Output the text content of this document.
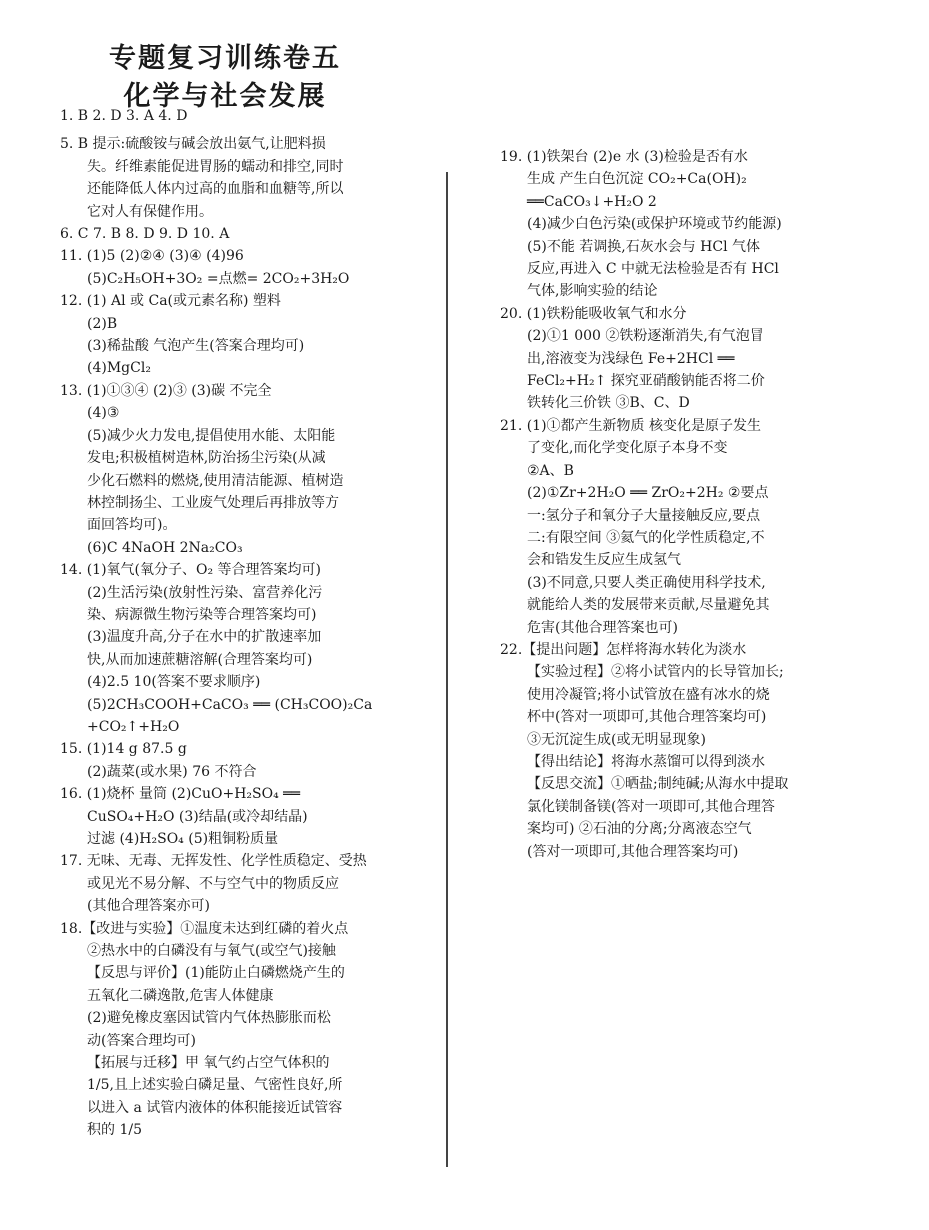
专题复习训练卷五
化学与社会发展
1. B 2. D 3. A 4. D
5. B 提示:硫酸铵与碱会放出氨气,让肥料损
失。纤维素能促进胃肠的蠕动和排空,同时
还能降低人体内过高的血脂和血糖等,所以
它对人有保健作用。
6. C 7. B 8. D 9. D 10. A
11. (1)5 (2)②④ (3)④ (4)96
(5)C₂H₅OH+3O₂ =点燃= 2CO₂+3H₂O
12. (1) Al 或 Ca(或元素名称) 塑料
(2)B
(3)稀盐酸 气泡产生(答案合理均可)
(4)MgCl₂
13. (1)①③④ (2)③ (3)碳 不完全
(4)③
(5)减少火力发电,提倡使用水能、太阳能
发电;积极植树造林,防治扬尘污染(从减
少化石燃料的燃烧,使用清洁能源、植树造
林控制扬尘、工业废气处理后再排放等方
面回答均可)。
(6)C 4NaOH 2Na₂CO₃
14. (1)氧气(氧分子、O₂ 等合理答案均可)
(2)生活污染(放射性污染、富营养化污
染、病源微生物污染等合理答案均可)
(3)温度升高,分子在水中的扩散速率加
快,从而加速蔗糖溶解(合理答案均可)
(4)2.5 10(答案不要求顺序)
(5)2CH₃COOH+CaCO₃ ══ (CH₃COO)₂Ca
+CO₂↑+H₂O
15. (1)14 g 87.5 g
(2)蔬菜(或水果) 76 不符合
16. (1)烧杯 量筒 (2)CuO+H₂SO₄ ══
CuSO₄+H₂O (3)结晶(或冷却结晶)
过滤 (4)H₂SO₄ (5)粗铜粉质量
17. 无味、无毒、无挥发性、化学性质稳定、受热
或见光不易分解、不与空气中的物质反应
(其他合理答案亦可)
18.【改进与实验】①温度未达到红磷的着火点
②热水中的白磷没有与氧气(或空气)接触
【反思与评价】(1)能防止白磷燃烧产生的
五氧化二磷逸散,危害人体健康
(2)避免橡皮塞因试管内气体热膨胀而松
动(答案合理均可)
【拓展与迁移】甲 氧气约占空气体积的
1/5,且上述实验白磷足量、气密性良好,所
以进入 a 试管内液体的体积能接近试管容
积的 1/5
19. (1)铁架台 (2)e 水 (3)检验是否有水
生成 产生白色沉淀 CO₂+Ca(OH)₂
══CaCO₃↓+H₂O 2
(4)减少白色污染(或保护环境或节约能源)
(5)不能 若调换,石灰水会与 HCl 气体
反应,再进入 C 中就无法检验是否有 HCl
气体,影响实验的结论
20. (1)铁粉能吸收氧气和水分
(2)①1 000 ②铁粉逐渐消失,有气泡冒
出,溶液变为浅绿色 Fe+2HCl ══
FeCl₂+H₂↑ 探究亚硝酸钠能否将二价
铁转化三价铁 ③B、C、D
21. (1)①都产生新物质 核变化是原子发生
了变化,而化学变化原子本身不变
②A、B
(2)①Zr+2H₂O ══ ZrO₂+2H₂ ②要点
一:氢分子和氧分子大量接触反应,要点
二:有限空间 ③氦气的化学性质稳定,不
会和锆发生反应生成氢气
(3)不同意,只要人类正确使用科学技术,
就能给人类的发展带来贡献,尽量避免其
危害(其他合理答案也可)
22.【提出问题】怎样将海水转化为淡水
【实验过程】②将小试管内的长导管加长;
使用冷凝管;将小试管放在盛有冰水的烧
杯中(答对一项即可,其他合理答案均可)
③无沉淀生成(或无明显现象)
【得出结论】将海水蒸馏可以得到淡水
【反思交流】①晒盐;制纯碱;从海水中提取
氯化镁制备镁(答对一项即可,其他合理答
案均可) ②石油的分离;分离液态空气
(答对一项即可,其他合理答案均可)
